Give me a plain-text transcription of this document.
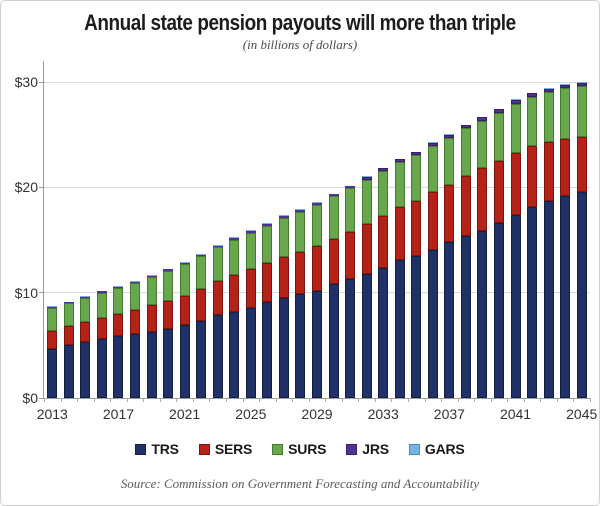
Annual state pension payouts will more than triple
(in billions of dollars)
$0
$10
$20
$30
2013	2017	2021	2025	2029	2033	2037	2041	2045
TRS	SERS	SURS	JRS	GARS
Source: Commission on Government Forecasting and Accountability
